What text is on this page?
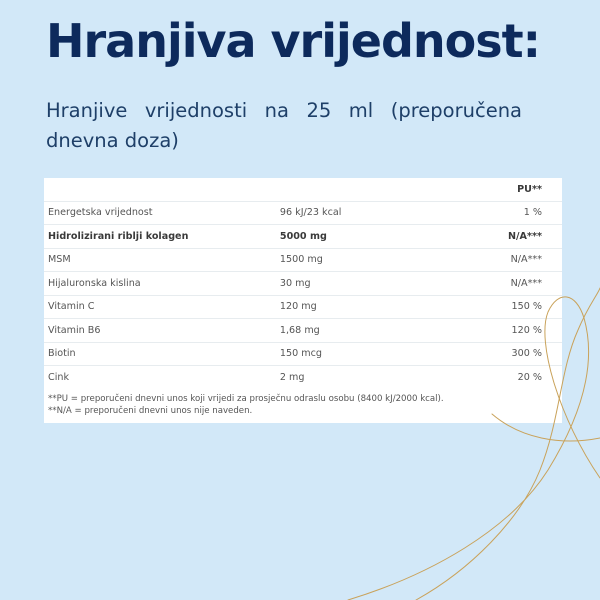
Hranjiva vrijednost:

Hranjive vrijednosti na 25 ml (preporučena dnevna doza)

		PU**
Energetska vrijednost	96 kJ/23 kcal	1 %
Hidrolizirani riblji kolagen	5000 mg	N/A***
MSM	1500 mg	N/A***
Hijaluronska kislina	30 mg	N/A***
Vitamin C	120 mg	150 %
Vitamin B6	1,68 mg	120 %
Biotin	150 mcg	300 %
Cink	2 mg	20 %
**PU = preporučeni dnevni unos koji vrijedi za prosječnu odraslu osobu (8400 kJ/2000 kcal).
**N/A = preporučeni dnevni unos nije naveden.
